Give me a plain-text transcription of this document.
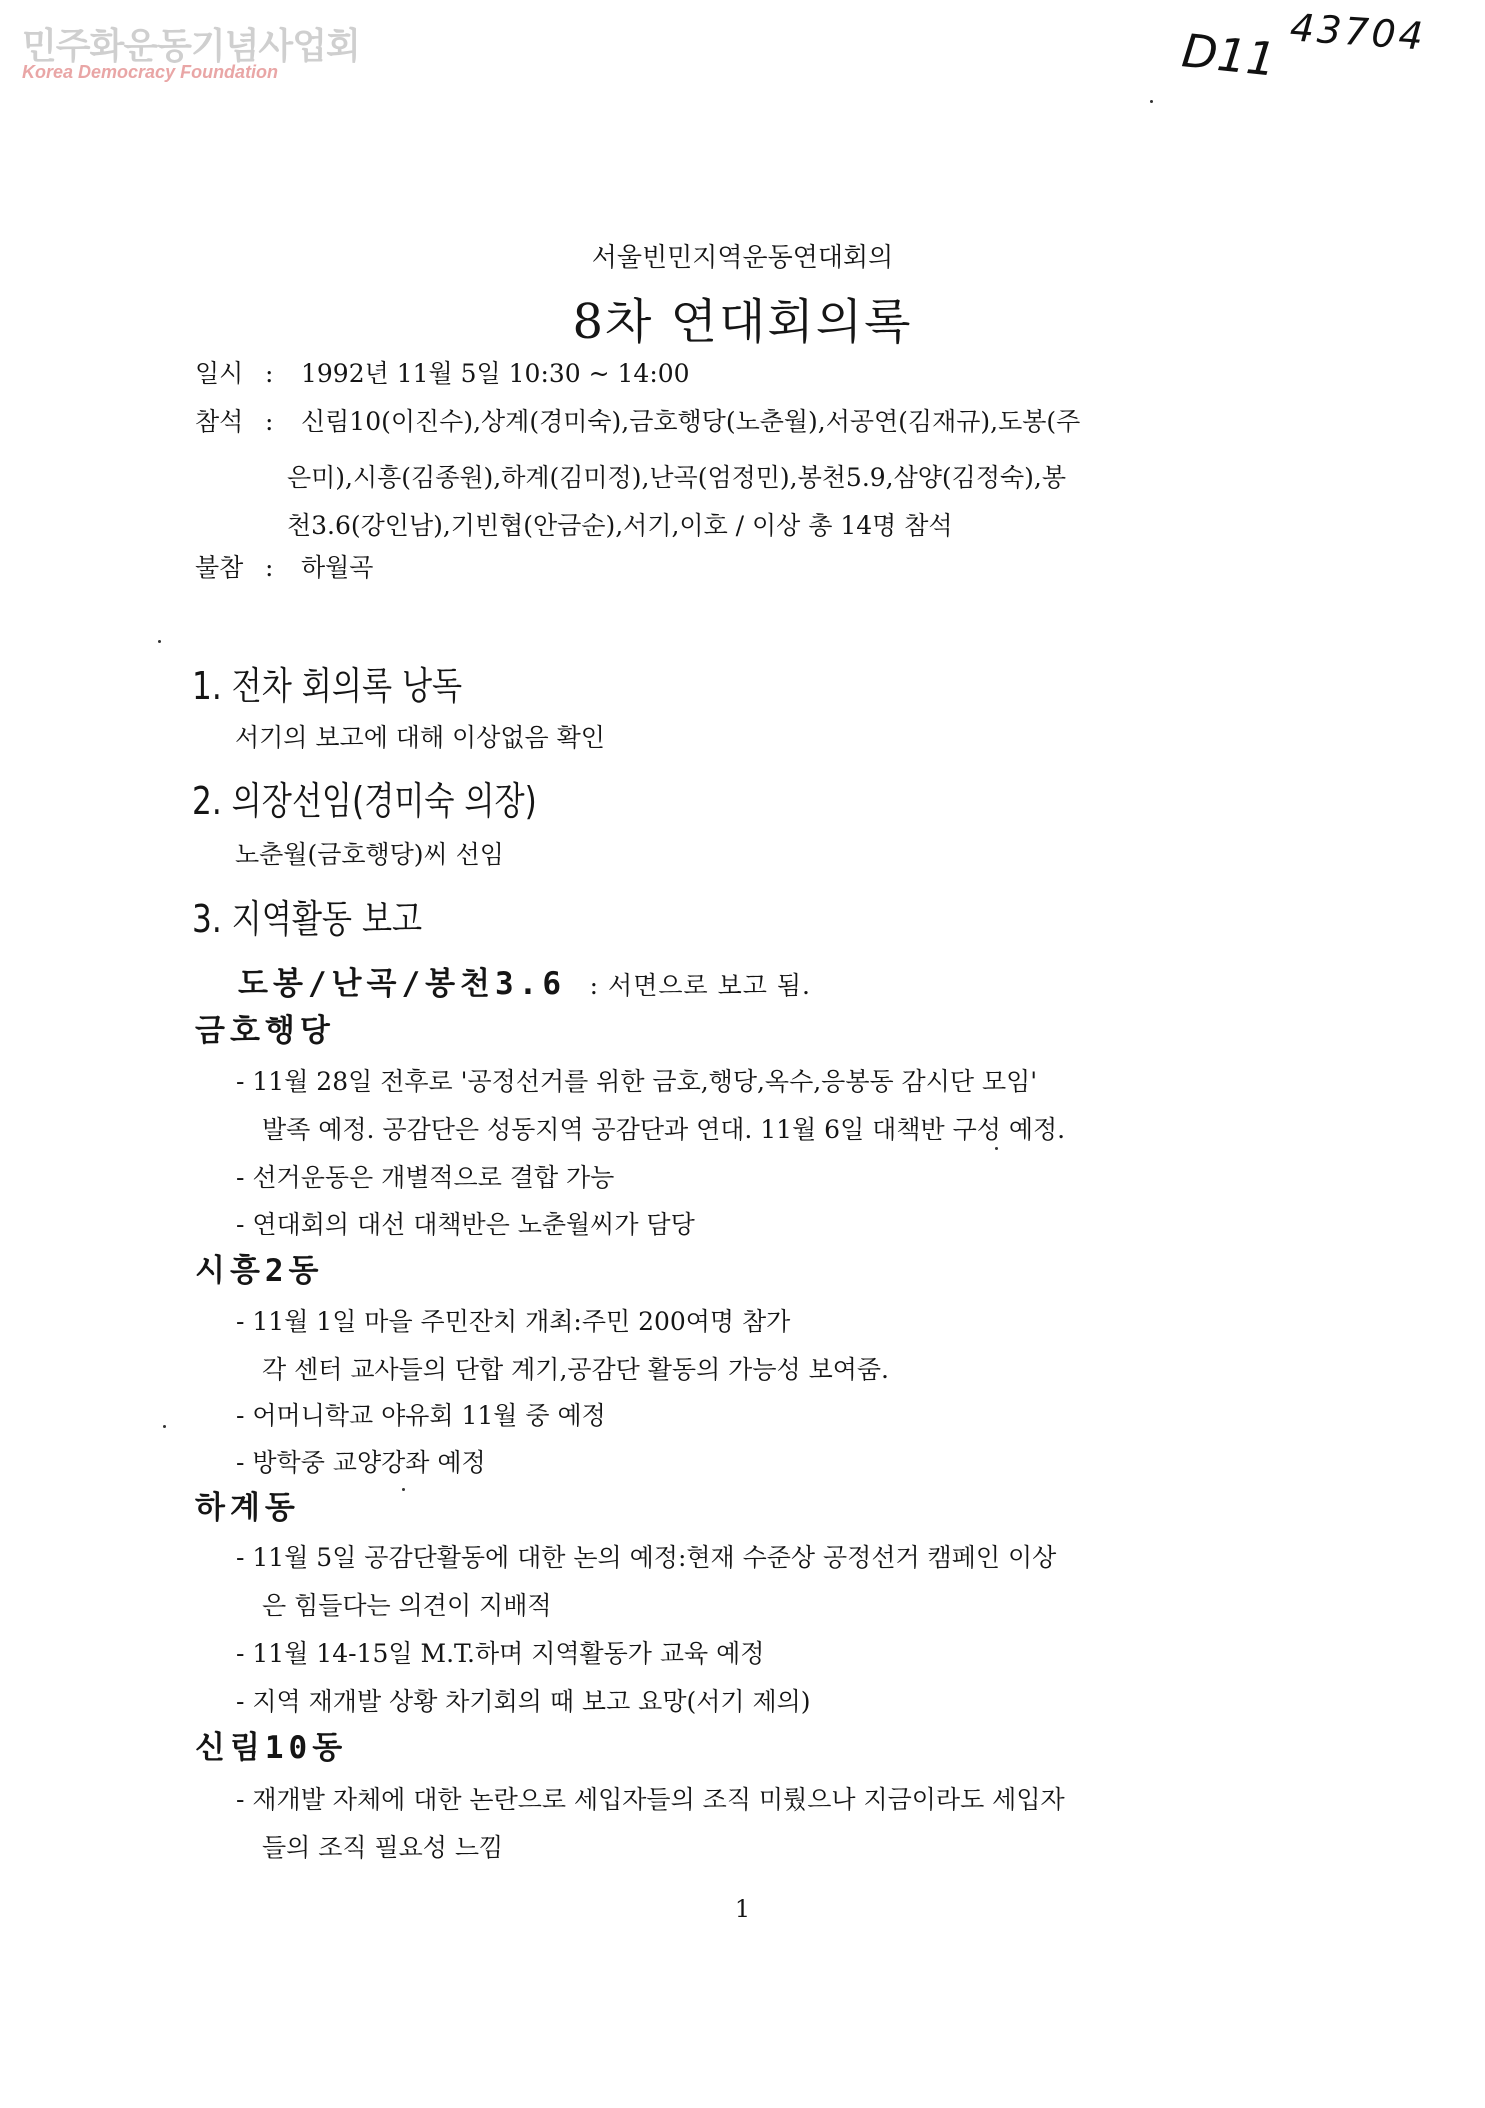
민주화운동기념사업회
Korea Democracy Foundation	D11 43704
서울빈민지역운동연대회의
8차 연대회의록
일시 : 1992년 11월 5일 10:30 ~ 14:00
참석 : 신림10(이진수),상계(경미숙),금호행당(노춘월),서공연(김재규),도봉(주
은미),시흥(김종원),하계(김미정),난곡(엄정민),봉천5.9,삼양(김정숙),봉
천3.6(강인남),기빈협(안금순),서기,이호 / 이상 총 14명 참석
불참 : 하월곡
1. 전차 회의록 낭독
서기의 보고에 대해 이상없음 확인
2. 의장선임(경미숙 의장)
노춘월(금호행당)씨 선임
3. 지역활동 보고
도봉/난곡/봉천3.6 : 서면으로 보고 됨.
금호행당
- 11월 28일 전후로 '공정선거를 위한 금호,행당,옥수,응봉동 감시단 모임'
발족 예정. 공감단은 성동지역 공감단과 연대. 11월 6일 대책반 구성 예정.
- 선거운동은 개별적으로 결합 가능
- 연대회의 대선 대책반은 노춘월씨가 담당
시흥2동
- 11월 1일 마을 주민잔치 개최:주민 200여명 참가
각 센터 교사들의 단합 계기,공감단 활동의 가능성 보여줌.
- 어머니학교 야유회 11월 중 예정
- 방학중 교양강좌 예정
하계동
- 11월 5일 공감단활동에 대한 논의 예정:현재 수준상 공정선거 캠페인 이상
은 힘들다는 의견이 지배적
- 11월 14-15일 M.T.하며 지역활동가 교육 예정
- 지역 재개발 상황 차기회의 때 보고 요망(서기 제의)
신림10동
- 재개발 자체에 대한 논란으로 세입자들의 조직 미뤘으나 지금이라도 세입자
들의 조직 필요성 느낌
1
